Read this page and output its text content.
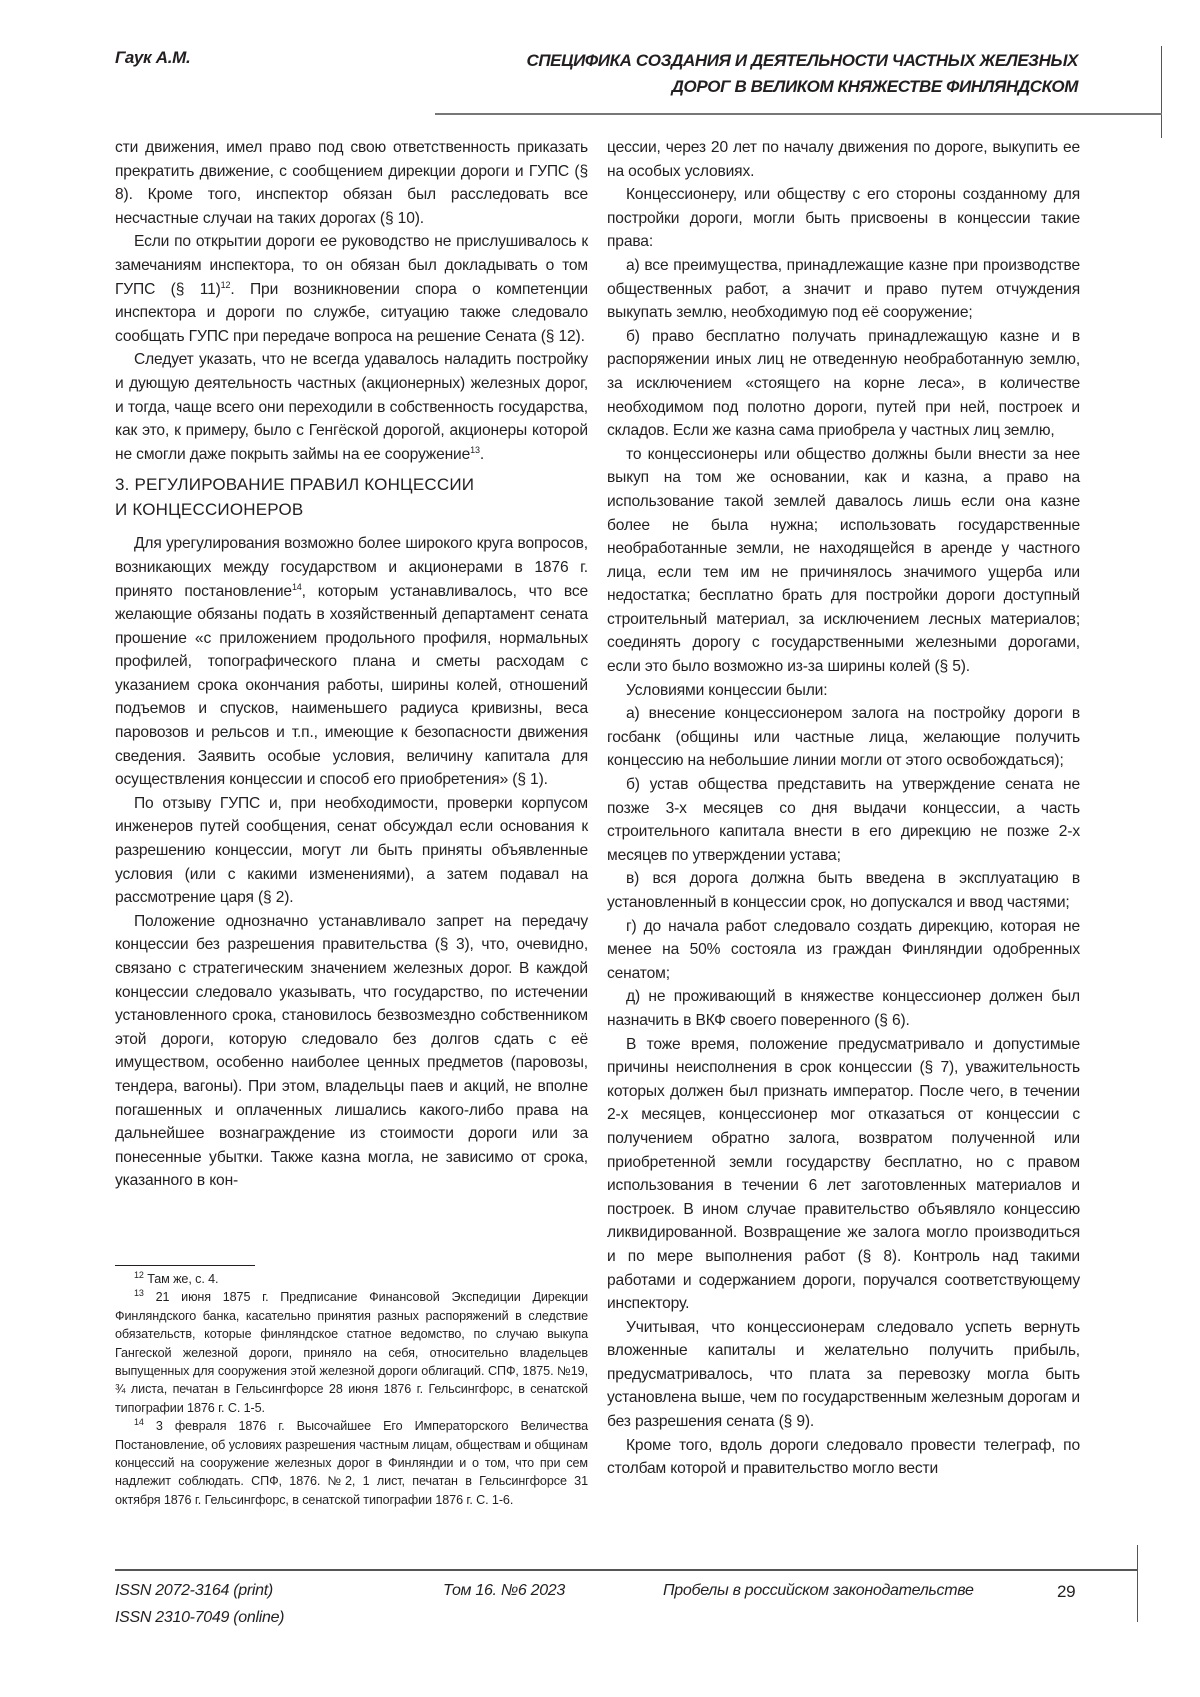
Гаук А.М.	СПЕЦИФИКА СОЗДАНИЯ И ДЕЯТЕЛЬНОСТИ ЧАСТНЫХ ЖЕЛЕЗНЫХ
ДОРОГ В ВЕЛИКОМ КНЯЖЕСТВЕ ФИНЛЯНДСКОМ

сти движения, имел право под свою ответственность приказать прекратить движение, с сообщением дирекции дороги и ГУПС (§ 8). Кроме того, инспектор обязан был расследовать все несчастные случаи на таких дорогах (§ 10).

Если по открытии дороги ее руководство не прислушивалось к замечаниям инспектора, то он обязан был докладывать о том ГУПС (§ 11)$^{12}$. При возникновении спора о компетенции инспектора и дороги по службе, ситуацию также следовало сообщать ГУПС при передаче вопроса на решение Сената (§ 12).

Следует указать, что не всегда удавалось наладить постройку и дующую деятельность частных (акционерных) железных дорог, и тогда, чаще всего они переходили в собственность государства, как это, к примеру, было с Генгёской дорогой, акционеры которой не смогли даже покрыть займы на ее сооружение$^{13}$.

3. РЕГУЛИРОВАНИЕ ПРАВИЛ КОНЦЕССИИ
И КОНЦЕССИОНЕРОВ

Для урегулирования возможно более широкого круга вопросов, возникающих между государством и акционерами в 1876 г. принято постановление$^{14}$, которым устанавливалось, что все желающие обязаны подать в хозяйственный департамент сената прошение «с приложением продольного профиля, нормальных профилей, топографического плана и сметы расходам с указанием срока окончания работы, ширины колей, отношений подъемов и спусков, наименьшего радиуса кривизны, веса паровозов и рельсов и т.п., имеющие к безопасности движения сведения. Заявить особые условия, величину капитала для осуществления концессии и способ его приобретения» (§ 1).

По отзыву ГУПС и, при необходимости, проверки корпусом инженеров путей сообщения, сенат обсуждал если основания к разрешению концессии, могут ли быть приняты объявленные условия (или с какими изменениями), а затем подавал на рассмотрение царя (§ 2).

Положение однозначно устанавливало запрет на передачу концессии без разрешения правительства (§ 3), что, очевидно, связано с стратегическим значением железных дорог. В каждой концессии следовало указывать, что государство, по истечении установленного срока, становилось безвозмездно собственником этой дороги, которую следовало без долгов сдать с её имуществом, особенно наиболее ценных предметов (паровозы, тендера, вагоны). При этом, владельцы паев и акций, не вполне погашенных и оплаченных лишались какого-либо права на дальнейшее вознаграждение из стоимости дороги или за понесенные убытки. Также казна могла, не зависимо от срока, указанного в кон-

$^{12}$ Там же, с. 4.

$^{13}$ 21 июня 1875 г. Предписание Финансовой Экспедиции Дирекции Финляндского банка, касательно принятия разных распоряжений в следствие обязательств, которые финляндское статное ведомство, по случаю выкупа Гангеской железной дороги, приняло на себя, относительно владельцев выпущенных для сооружения этой железной дороги облигаций. СПФ, 1875. №19, ¾ листа, печатан в Гельсингфорсе 28 июня 1876 г. Гельсингфорс, в сенатской типографии 1876 г. С. 1-5.

$^{14}$ 3 февраля 1876 г. Высочайшее Его Императорского Величества Постановление, об условиях разрешения частным лицам, обществам и общинам концессий на сооружение железных дорог в Финляндии и о том, что при сем надлежит соблюдать. СПФ, 1876. №2, 1 лист, печатан в Гельсингфорсе 31 октября 1876 г. Гельсингфорс, в сенатской типографии 1876 г. С. 1-6.

цессии, через 20 лет по началу движения по дороге, выкупить ее на особых условиях.

Концессионеру, или обществу с его стороны созданному для постройки дороги, могли быть присвоены в концессии такие права:

а) все преимущества, принадлежащие казне при производстве общественных работ, а значит и право путем отчуждения выкупать землю, необходимую под её сооружение;

б) право бесплатно получать принадлежащую казне и в распоряжении иных лиц не отведенную необработанную землю, за исключением «стоящего на корне леса», в количестве необходимом под полотно дороги, путей при ней, построек и складов. Если же казна сама приобрела у частных лиц землю,

то концессионеры или общество должны были внести за нее выкуп на том же основании, как и казна, а право на использование такой землей давалось лишь если она казне более не была нужна; использовать государственные необработанные земли, не находящейся в аренде у частного лица, если тем им не причинялось значимого ущерба или недостатка; бесплатно брать для постройки дороги доступный строительный материал, за исключением лесных материалов; соединять дорогу с государственными железными дорогами, если это было возможно из-за ширины колей (§ 5).

Условиями концессии были:

а) внесение концессионером залога на постройку дороги в госбанк (общины или частные лица, желающие получить концессию на небольшие линии могли от этого освобождаться);

б) устав общества представить на утверждение сената не позже 3-х месяцев со дня выдачи концессии, а часть строительного капитала внести в его дирекцию не позже 2-х месяцев по утверждении устава;

в) вся дорога должна быть введена в эксплуатацию в установленный в концессии срок, но допускался и ввод частями;

г) до начала работ следовало создать дирекцию, которая не менее на 50% состояла из граждан Финляндии одобренных сенатом;

д) не проживающий в княжестве концессионер должен был назначить в ВКФ своего поверенного (§ 6).

В тоже время, положение предусматривало и допустимые причины неисполнения в срок концессии (§ 7), уважительность которых должен был признать император. После чего, в течении 2-х месяцев, концессионер мог отказаться от концессии с получением обратно залога, возвратом полученной или приобретенной земли государству бесплатно, но с правом использования в течении 6 лет заготовленных материалов и построек. В ином случае правительство объявляло концессию ликвидированной. Возвращение же залога могло производиться и по мере выполнения работ (§ 8). Контроль над такими работами и содержанием дороги, поручался соответствующему инспектору.

Учитывая, что концессионерам следовало успеть вернуть вложенные капиталы и желательно получить прибыль, предусматривалось, что плата за перевозку могла быть установлена выше, чем по государственным железным дорогам и без разрешения сената (§ 9).

Кроме того, вдоль дороги следовало провести телеграф, по столбам которой и правительство могло вести

ISSN 2072-3164 (print)
ISSN 2310-7049 (online)
Том 16. №6 2023	Пробелы в российском законодательстве	29
